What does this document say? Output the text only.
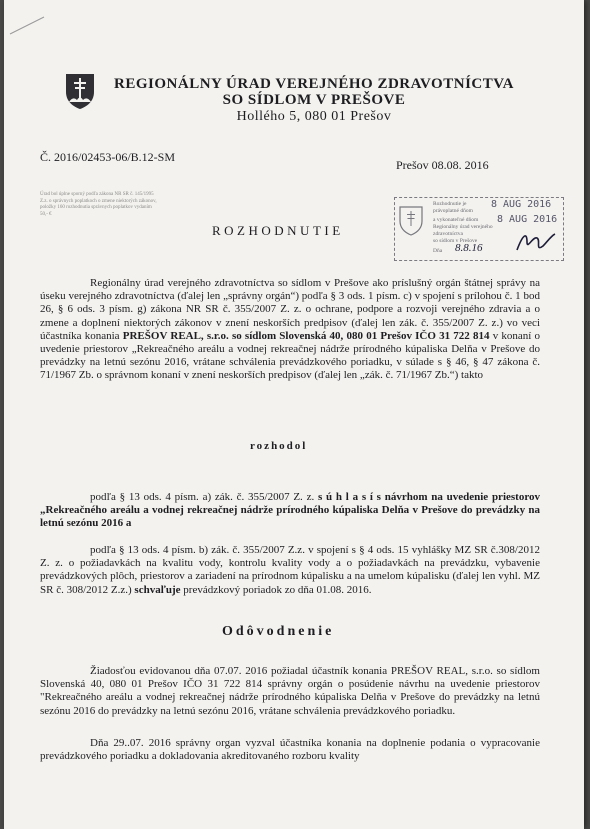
REGIONÁLNY ÚRAD VEREJNÉHO ZDRAVOTNÍCTVA
SO SÍDLOM V PREŠOVE
Hollého 5, 080 01 Prešov
Č. 2016/02453-06/B.12-SM
Prešov 08.08. 2016
Úrad bol úplne sporný podľa zákona NR SR č. 145/1995 Z.z. o správnych poplatkoch o zmene niektorých zákonov, položky 160 rozhodnutia správnych poplatkov vydaním 50,- €
ROZHODNUTIE
Rozhodnutie je
právoplatné dňom
a vykonateľné dňom
Regionálny úrad verejného zdravotníctva
so sídlom v Prešove
Dňa
8 AUG 2016
8 AUG 2016
8.8.16
Regionálny úrad verejného zdravotníctva so sídlom v Prešove ako príslušný orgán štátnej správy na úseku verejného zdravotníctva (ďalej len „správny orgán“) podľa § 3 ods. 1 písm. c) v spojení s prílohou č. 1 bod 26, § 6 ods. 3 písm. g) zákona NR SR č. 355/2007 Z. z. o ochrane, podpore a rozvoji verejného zdravia a o zmene a doplnení niektorých zákonov v znení neskorších predpisov (ďalej len zák. č. 355/2007 Z. z.) vo veci účastníka konania PREŠOV REAL, s.r.o. so sídlom Slovenská 40, 080 01 Prešov IČO 31 722 814 v konaní o uvedenie priestorov „Rekreačného areálu a vodnej rekreačnej nádrže prírodného kúpaliska Delňa v Prešove do prevádzky na letnú sezónu 2016, vrátane schválenia prevádzkového poriadku, v súlade s § 46, § 47 zákona č. 71/1967 Zb. o správnom konaní v znení neskorších predpisov (ďalej len „zák. č. 71/1967 Zb.“) takto
rozhodol
podľa § 13 ods. 4 písm. a) zák. č. 355/2007 Z. z. s ú h l a s í s návrhom na uvedenie priestorov „Rekreačného areálu a vodnej rekreačnej nádrže prírodného kúpaliska Delňa v Prešove do prevádzky na letnú sezónu 2016 a
podľa § 13 ods. 4 písm. b) zák. č. 355/2007 Z.z. v spojení s § 4 ods. 15 vyhlášky MZ SR č.308/2012 Z. z. o požiadavkách na kvalitu vody, kontrolu kvality vody a o požiadavkách na prevádzku, vybavenie prevádzkových plôch, priestorov a zariadení na prírodnom kúpalisku a na umelom kúpalisku (ďalej len vyhl. MZ SR č. 308/2012 Z.z.) schvaľuje prevádzkový poriadok zo dňa 01.08. 2016.
Odôvodnenie
Žiadosťou evidovanou dňa 07.07. 2016 požiadal účastník konania PREŠOV REAL, s.r.o. so sídlom Slovenská 40, 080 01 Prešov IČO 31 722 814 správny orgán o posúdenie návrhu na uvedenie priestorov "Rekreačného areálu a vodnej rekreačnej nádrže prírodného kúpaliska Delňa v Prešove do prevádzky na letnú sezónu 2016 do prevádzky na letnú sezónu 2016, vrátane schválenia prevádzkového poriadku.
Dňa 29..07. 2016 správny organ vyzval účastníka konania na doplnenie podania o vypracovanie prevádzkového poriadku a dokladovania akreditovaného rozboru kvality
